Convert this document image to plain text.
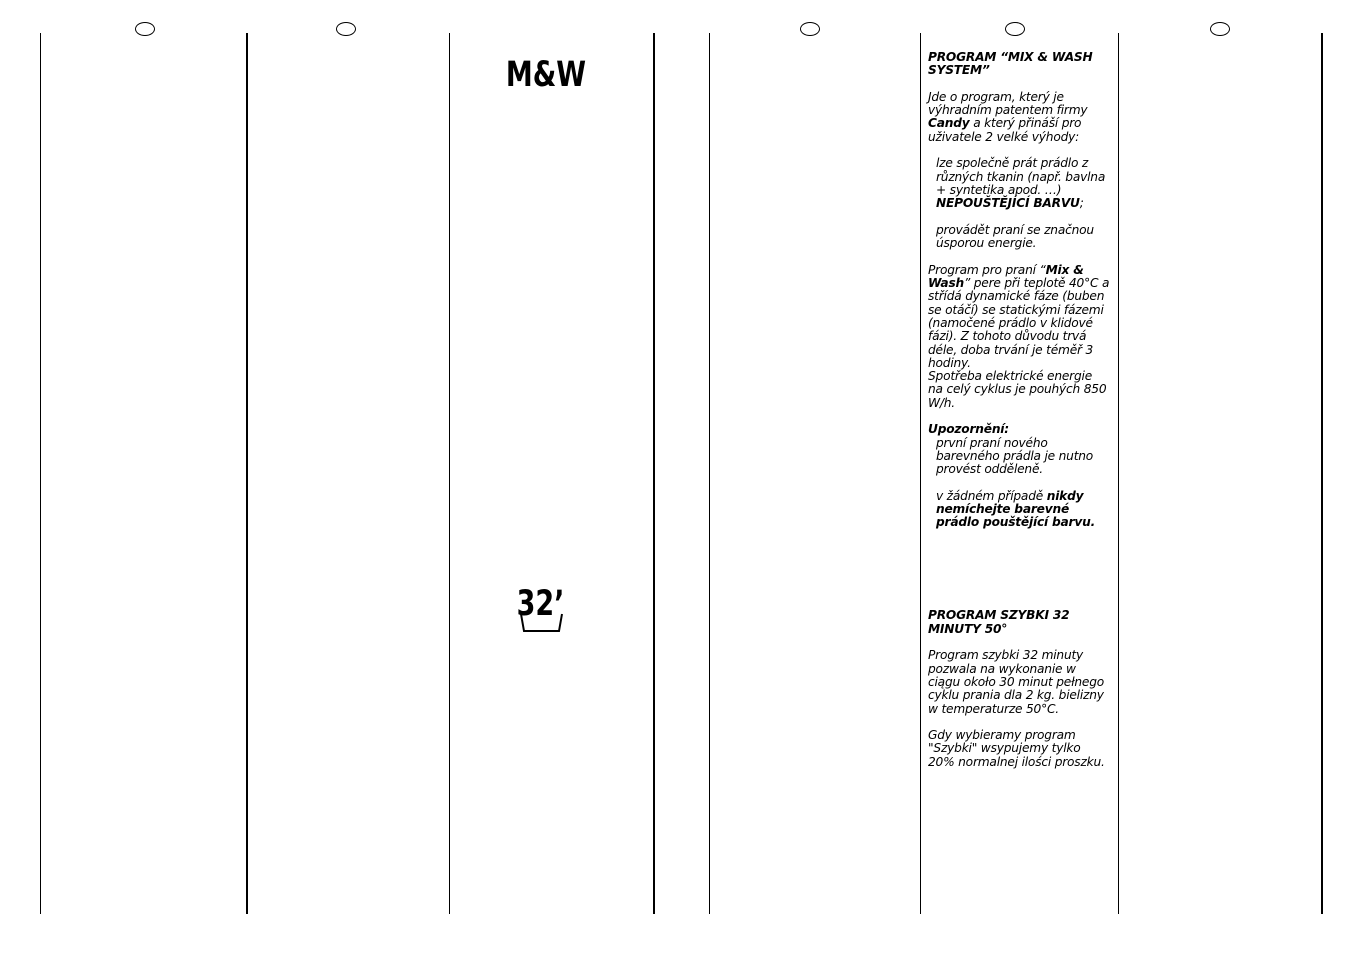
M&W
32’

PROGRAM “MIX & WASH SYSTEM”

Jde o program, který je výhradním patentem firmy Candy a který přináší pro uživatele 2 velké výhody:

lze společně prát prádlo z různých tkanin (např. bavlna + syntetika apod. …) NEPOUŠTĚJÍCÍ BARVU;

provádět praní se značnou úsporou energie.

Program pro praní “Mix & Wash” pere při teplotě 40°C a střídá dynamické fáze (buben se otáčí) se statickými fázemi (namočené prádlo v klidové fázi). Z tohoto důvodu trvá déle, doba trvání je téměř 3 hodiny.

Spotřeba elektrické energie na celý cyklus je pouhých 850 W/h.

Upozornění:

první praní nového barevného prádla je nutno provést odděleně.

v žádném případě nikdy nemíchejte barevné prádlo pouštějící barvu.

PROGRAM SZYBKI 32 MINUTY 50°

Program szybki 32 minuty pozwala na wykonanie w ciągu około 30 minut pełnego cyklu prania dla 2 kg. bielizny w temperaturze 50°C.

Gdy wybieramy program "Szybki" wsypujemy tylko 20% normalnej ilości proszku.
